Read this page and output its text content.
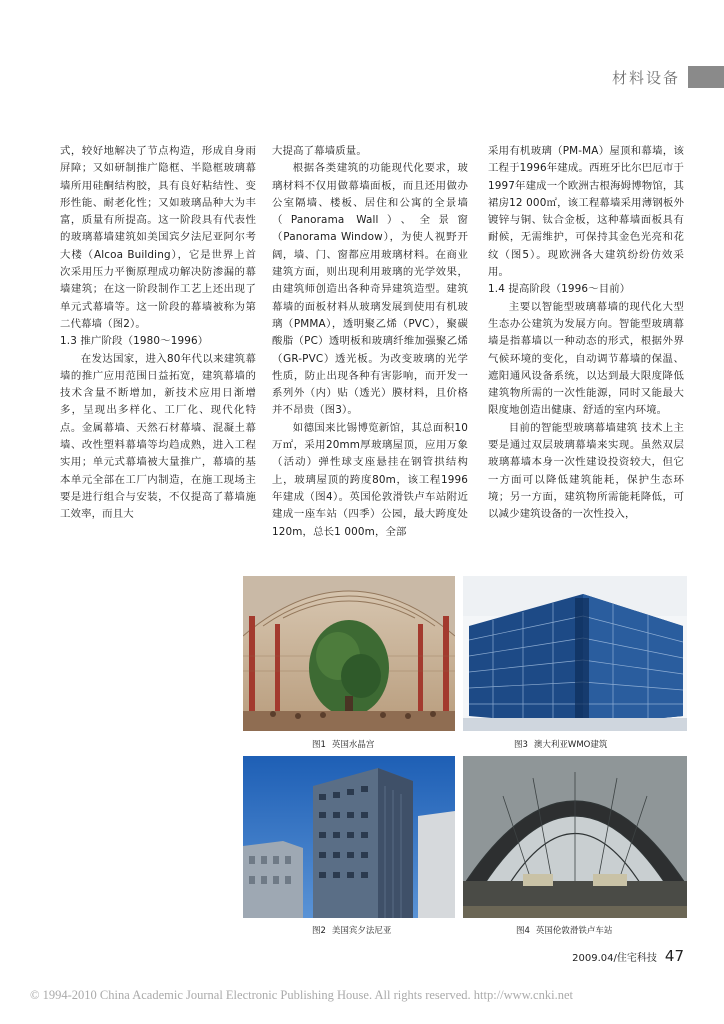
材料设备

式，较好地解决了节点构造，形成自身雨屏障；又如研制推广隐框、半隐框玻璃幕墙所用硅酮结构胶，具有良好粘结性、变形性能、耐老化性；又如玻璃品种大为丰富，质量有所提高。这一阶段具有代表性的玻璃幕墙建筑如美国宾夕法尼亚阿尔考大楼（Alcoa Building），它是世界上首次采用压力平衡原理成功解决防渗漏的幕墙建筑；在这一阶段制作工艺上还出现了单元式幕墙等。这一阶段的幕墙被称为第二代幕墙（图2）。

1.3 推广阶段（1980～1996）

在发达国家，进入80年代以来建筑幕墙的推广应用范围日益拓宽，建筑幕墙的技术含量不断增加，新技术应用日渐增多，呈现出多样化、工厂化、现代化特点。金属幕墙、天然石材幕墙、混凝土幕墙、改性塑料幕墙等均趋成熟，进入工程实用；单元式幕墙被大量推广，幕墙的基本单元全部在工厂内制造，在施工现场主要是进行组合与安装，不仅提高了幕墙施工效率，而且大

大提高了幕墙质量。

根据各类建筑的功能现代化要求，玻璃材料不仅用做幕墙面板，而且还用做办公室隔墙、楼板、居住和公寓的全景墙（Panorama Wall）、全景窗（Panorama Window），为使人视野开阔，墙、门、窗都应用玻璃材料。在商业建筑方面，则出现利用玻璃的光学效果，由建筑师创造出各种奇异建筑造型。建筑幕墙的面板材料从玻璃发展到使用有机玻璃（PMMA），透明聚乙烯（PVC），聚碳酸脂（PC）透明板和玻璃纤维加强聚乙烯（GR-PVC）透光板。为改变玻璃的光学性质，防止出现各种有害影响，而开发一系列外（内）贴（透光）膜材料，且价格并不昂贵（图3）。

如德国来比锡博览新馆，其总面积10万㎡，采用20mm厚玻璃屋顶，应用万象（活动）弹性球支座悬挂在钢管拱结构上，玻璃屋顶的跨度80m，该工程1996年建成（图4）。英国伦敦滑铁卢车站附近建成一座车站（四季）公园，最大跨度处120m，总长1 000m，全部

采用有机玻璃（PM-MA）屋顶和幕墙，该工程于1996年建成。西班牙比尔巴厄市于1997年建成一个欧洲古根海姆博物馆，其裙房12 000㎡，该工程幕墙采用薄钢板外镀锌与铜、钛合金板，这种幕墙面板具有耐候，无需维护，可保持其金色光亮和花纹（图5）。现欧洲各大建筑纷纷仿效采用。

1.4 提高阶段（1996～目前）

主要以智能型玻璃幕墙的现代化大型生态办公建筑为发展方向。智能型玻璃幕墙是指幕墙以一种动态的形式，根据外界气候环境的变化，自动调节幕墙的保温、遮阳通风设备系统，以达到最大限度降低建筑物所需的一次性能源，同时又能最大限度地创造出健康、舒适的室内环境。

目前的智能型玻璃幕墙建筑 技术上主要是通过双层玻璃幕墙来实现。虽然双层玻璃幕墙本身一次性建设投资较大，但它一方面可以降低建筑能耗，保护生态环境；另一方面，建筑物所需能耗降低，可以减少建筑设备的一次性投入，

图1 英国水晶宫	图3 澳大利亚WMO建筑
图2 美国宾夕法尼亚	图4 英国伦敦滑铁卢车站
2009.04/住宅科技 47
© 1994-2010 China Academic Journal Electronic Publishing House. All rights reserved. http://www.cnki.net
